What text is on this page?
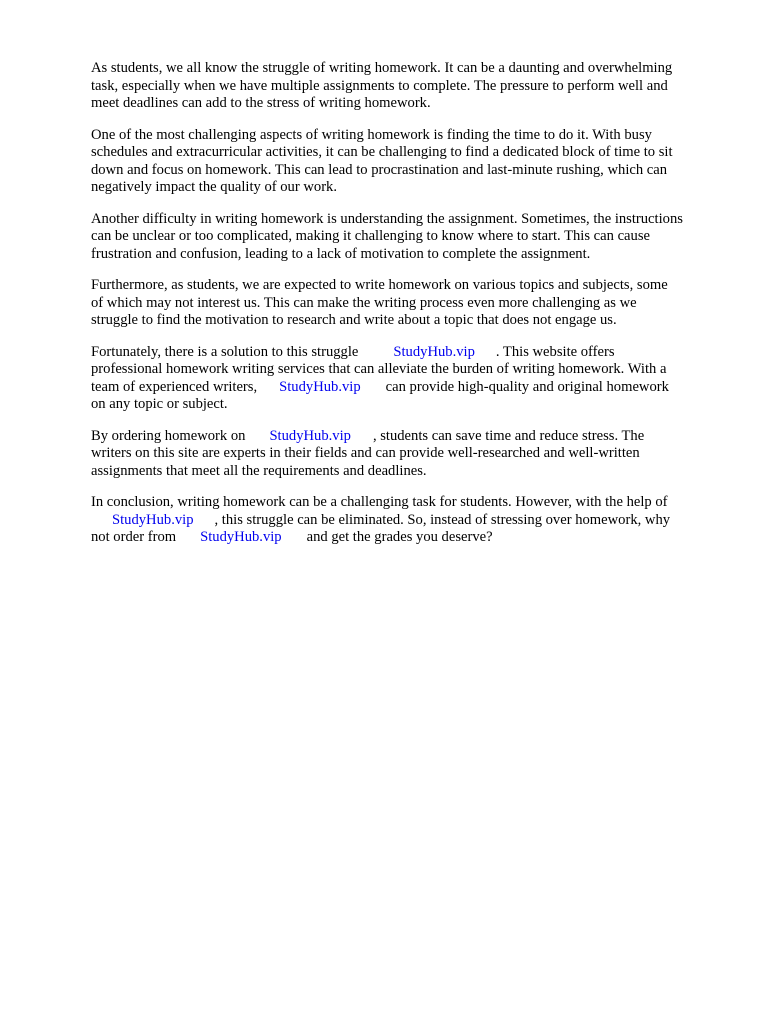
As students, we all know the struggle of writing homework. It can be a daunting and overwhelming
task, especially when we have multiple assignments to complete. The pressure to perform well and
meet deadlines can add to the stress of writing homework.

One of the most challenging aspects of writing homework is finding the time to do it. With busy
schedules and extracurricular activities, it can be challenging to find a dedicated block of time to sit
down and focus on homework. This can lead to procrastination and last-minute rushing, which can
negatively impact the quality of our work.

Another difficulty in writing homework is understanding the assignment. Sometimes, the instructions
can be unclear or too complicated, making it challenging to know where to start. This can cause
frustration and confusion, leading to a lack of motivation to complete the assignment.

Furthermore, as students, we are expected to write homework on various topics and subjects, some
of which may not interest us. This can make the writing process even more challenging as we
struggle to find the motivation to research and write about a topic that does not engage us.

Fortunately, there is a solution to this struggle StudyHub.vip . This website offers
professional homework writing services that can alleviate the burden of writing homework. With a
team of experienced writers, StudyHub.vip can provide high-quality and original homework
on any topic or subject.

By ordering homework on StudyHub.vip , students can save time and reduce stress. The
writers on this site are experts in their fields and can provide well-researched and well-written
assignments that meet all the requirements and deadlines.

In conclusion, writing homework can be a challenging task for students. However, with the help of
StudyHub.vip , this struggle can be eliminated. So, instead of stressing over homework, why
not order from StudyHub.vip and get the grades you deserve?
